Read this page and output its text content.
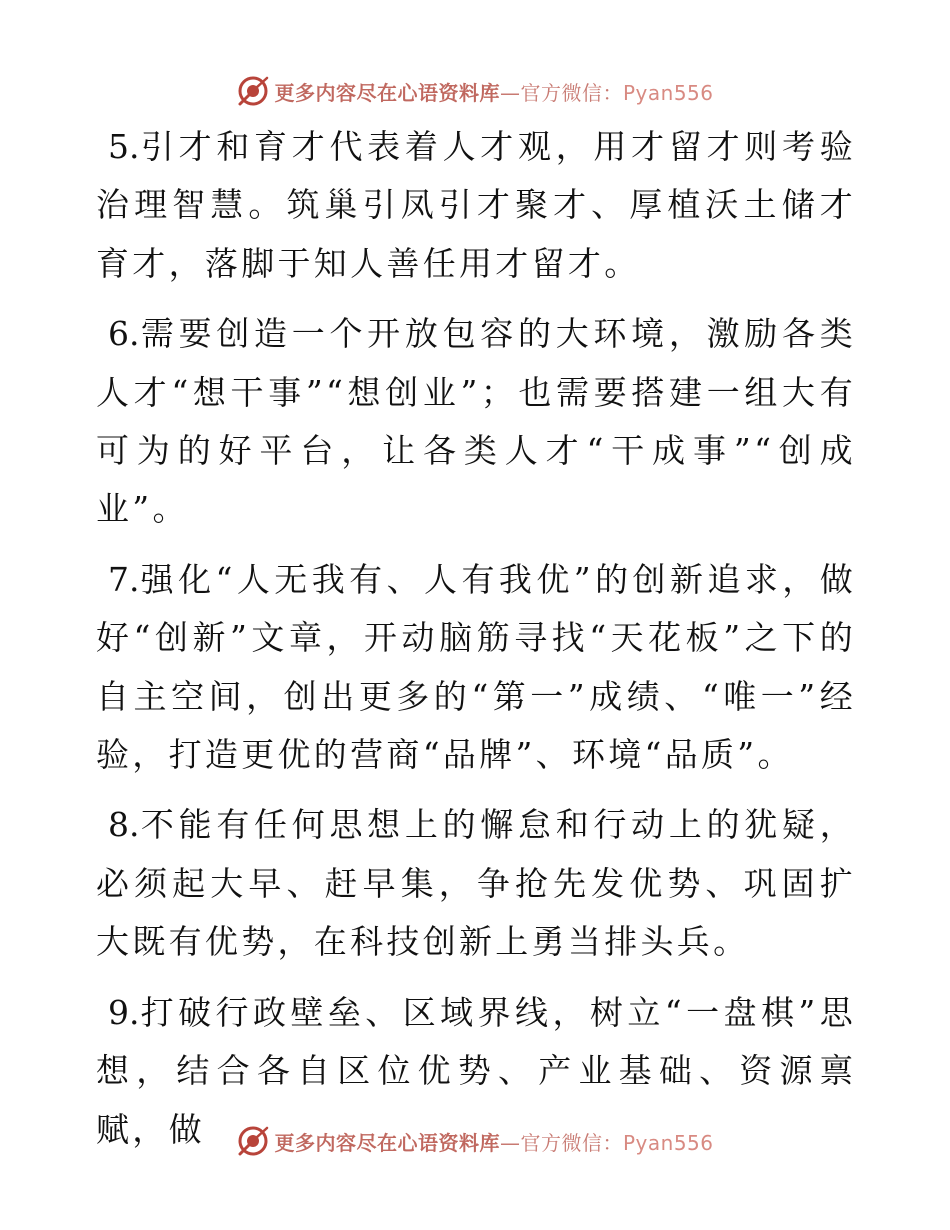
更多内容尽在心语资料库—官方微信：Pyan556

5.引才和育才代表着人才观，用才留才则考验治理智慧。筑巢引凤引才聚才、厚植沃土储才育才，落脚于知人善任用才留才。

6.需要创造一个开放包容的大环境，激励各类人才“想干事”“想创业”；也需要搭建一组大有可为的好平台，让各类人才“干成事”“创成业”。

7.强化“人无我有、人有我优”的创新追求，做好“创新”文章，开动脑筋寻找“天花板”之下的自主空间，创出更多的“第一”成绩、“唯一”经验，打造更优的营商“品牌”、环境“品质”。

8.不能有任何思想上的懈怠和行动上的犹疑，必须起大早、赶早集，争抢先发优势、巩固扩大既有优势，在科技创新上勇当排头兵。

9.打破行政壁垒、区域界线，树立“一盘棋”思想，结合各自区位优势、产业基础、资源禀赋，做	更多内容尽在心语资料库—官方微信：Pyan556
